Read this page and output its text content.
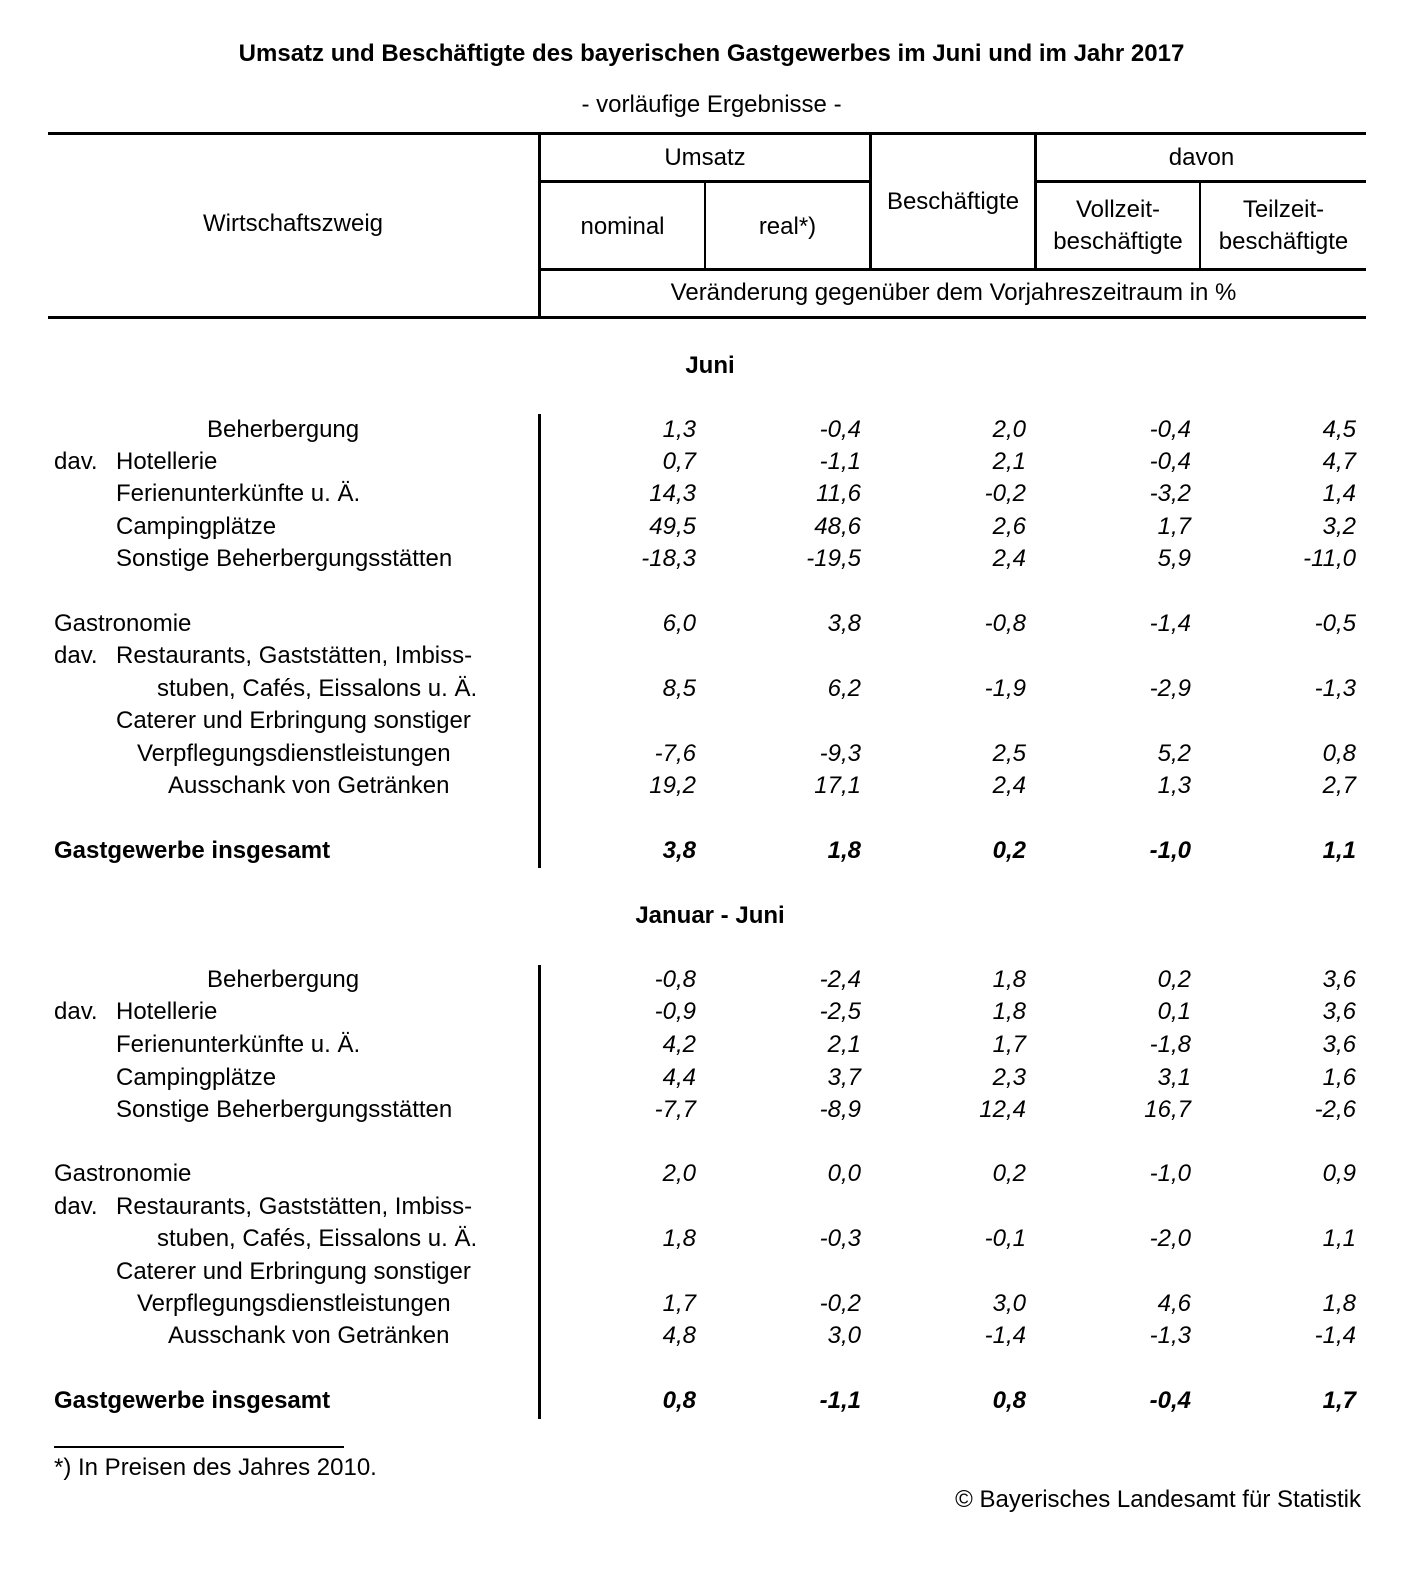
Umsatz und Beschäftigte des bayerischen Gastgewerbes im Juni und im Jahr 2017
- vorläufige Ergebnisse -
Wirtschaftszweig
Umsatz
nominal	real*)
Beschäftigte
davon
Vollzeit-
beschäftigte
Teilzeit-
beschäftigte
Veränderung gegenüber dem Vorjahreszeitraum in %
Juni
Januar - Juni
Beherbergung	1,3	-0,4	2,0	-0,4	4,5
dav. Hotellerie	0,7	-1,1	2,1	-0,4	4,7
Ferienunterkünfte u. Ä.	14,3	11,6	-0,2	-3,2	1,4
Campingplätze	49,5	48,6	2,6	1,7	3,2
Sonstige Beherbergungsstätten	-18,3	-19,5	2,4	5,9	-11,0
Gastronomie	6,0	3,8	-0,8	-1,4	-0,5
dav. Restaurants, Gaststätten, Imbiss-
stuben, Cafés, Eissalons u. Ä.	8,5	6,2	-1,9	-2,9	-1,3
Caterer und Erbringung sonstiger
Verpflegungsdienstleistungen	-7,6	-9,3	2,5	5,2	0,8
Ausschank von Getränken	19,2	17,1	2,4	1,3	2,7
Gastgewerbe insgesamt	3,8	1,8	0,2	-1,0	1,1
Beherbergung	-0,8	-2,4	1,8	0,2	3,6
dav. Hotellerie	-0,9	-2,5	1,8	0,1	3,6
Ferienunterkünfte u. Ä.	4,2	2,1	1,7	-1,8	3,6
Campingplätze	4,4	3,7	2,3	3,1	1,6
Sonstige Beherbergungsstätten	-7,7	-8,9	12,4	16,7	-2,6
Gastronomie	2,0	0,0	0,2	-1,0	0,9
dav. Restaurants, Gaststätten, Imbiss-
stuben, Cafés, Eissalons u. Ä.	1,8	-0,3	-0,1	-2,0	1,1
Caterer und Erbringung sonstiger
Verpflegungsdienstleistungen	1,7	-0,2	3,0	4,6	1,8
Ausschank von Getränken	4,8	3,0	-1,4	-1,3	-1,4
Gastgewerbe insgesamt	0,8	-1,1	0,8	-0,4	1,7
*) In Preisen des Jahres 2010.
© Bayerisches Landesamt für Statistik
